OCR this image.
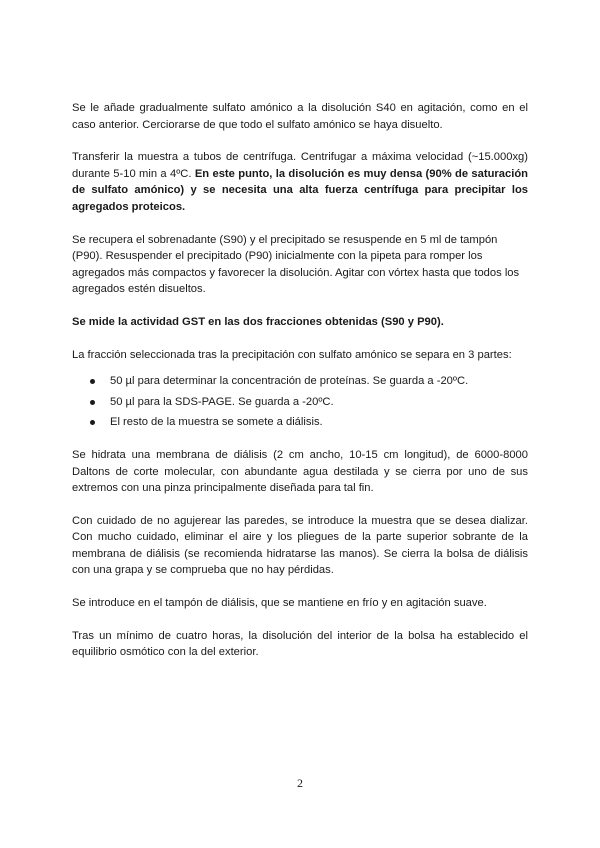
Se le añade gradualmente sulfato amónico a la disolución S40 en agitación, como en el caso anterior. Cerciorarse de que todo el sulfato amónico se haya disuelto.

Transferir la muestra a tubos de centrífuga. Centrifugar a máxima velocidad (~15.000xg) durante 5-10 min a 4ºC. En este punto, la disolución es muy densa (90% de saturación de sulfato amónico) y se necesita una alta fuerza centrífuga para precipitar los agregados proteicos.

Se recupera el sobrenadante (S90) y el precipitado se resuspende en 5 ml de tampón (P90). Resuspender el precipitado (P90) inicialmente con la pipeta para romper los agregados más compactos y favorecer la disolución. Agitar con vórtex hasta que todos los agregados estén disueltos.

Se mide la actividad GST en las dos fracciones obtenidas (S90 y P90).

La fracción seleccionada tras la precipitación con sulfato amónico se separa en 3 partes:

50 µl para determinar la concentración de proteínas. Se guarda a -20ºC.
50 µl para la SDS-PAGE. Se guarda a -20ºC.
El resto de la muestra se somete a diálisis.

Se hidrata una membrana de diálisis (2 cm ancho, 10-15 cm longitud), de 6000-8000 Daltons de corte molecular, con abundante agua destilada y se cierra por uno de sus extremos con una pinza principalmente diseñada para tal fin.

Con cuidado de no agujerear las paredes, se introduce la muestra que se desea dializar. Con mucho cuidado, eliminar el aire y los pliegues de la parte superior sobrante de la membrana de diálisis (se recomienda hidratarse las manos). Se cierra la bolsa de diálisis con una grapa y se comprueba que no hay pérdidas.

Se introduce en el tampón de diálisis, que se mantiene en frío y en agitación suave.

Tras un mínimo de cuatro horas, la disolución del interior de la bolsa ha establecido el equilibrio osmótico con la del exterior.

2
